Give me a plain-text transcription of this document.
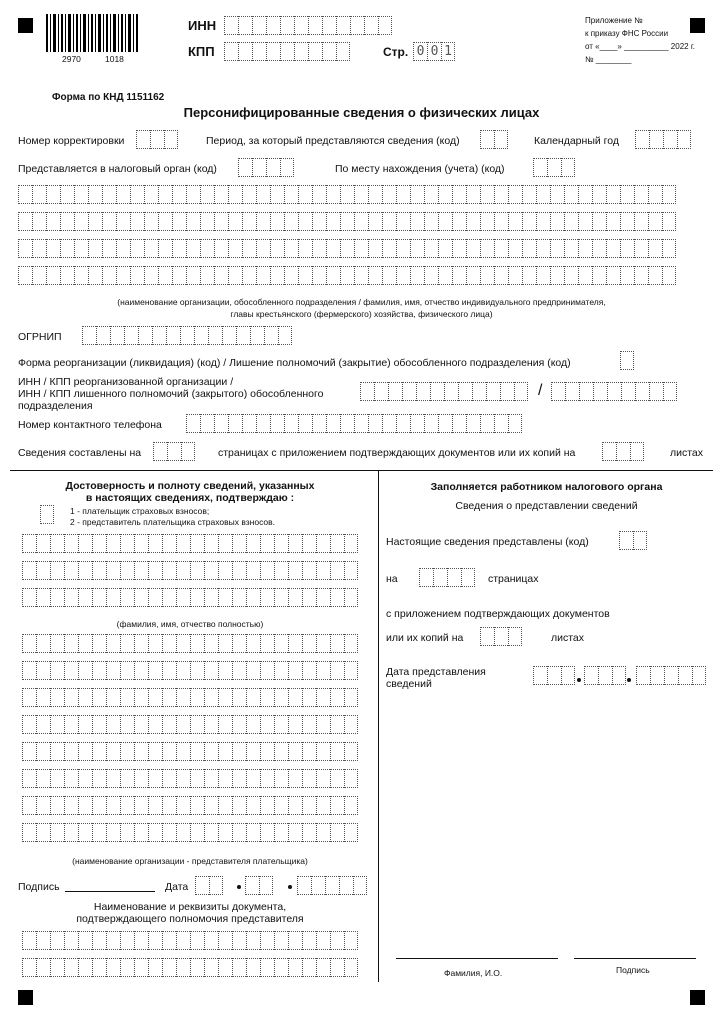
2970	1018
ИНН
КПП	Стр. 0 0 1
Приложение №
к приказу ФНС России
от «____» __________ 2022 г.
№ ________
Форма по КНД 1151162
Персонифицированные сведения о физических лицах
Номер корректировки	Период, за который представляются сведения (код)	Календарный год
Представляется в налоговый орган (код)	По месту нахождения (учета) (код)
(наименование организации, обособленного подразделения / фамилия, имя, отчество индивидуального предпринимателя,
главы крестьянского (фермерского) хозяйства, физического лица)
ОГРНИП
Форма реорганизации (ликвидация) (код) / Лишение полномочий (закрытие) обособленного подразделения (код)
ИНН / КПП реорганизованной организации /
ИНН / КПП лишенного полномочий (закрытого) обособленного
подразделения
/
Номер контактного телефона
Сведения составлены на	страницах с приложением подтверждающих документов или их копий на	листах
Достоверность и полноту сведений, указанных
в настоящих сведениях, подтверждаю :
1 - плательщик страховых взносов;
2 - представитель плательщика страховых взносов.
(фамилия, имя, отчество полностью)
(наименование организации - представителя плательщика)
Подпись	Дата
Наименование и реквизиты документа,
подтверждающего полномочия представителя
Заполняется работником налогового органа
Сведения о представлении сведений
Настоящие сведения представлены (код)
на	страницах
с приложением подтверждающих документов
или их копий на	листах
Дата представления
сведений
Фамилия, И.О.	Подпись
